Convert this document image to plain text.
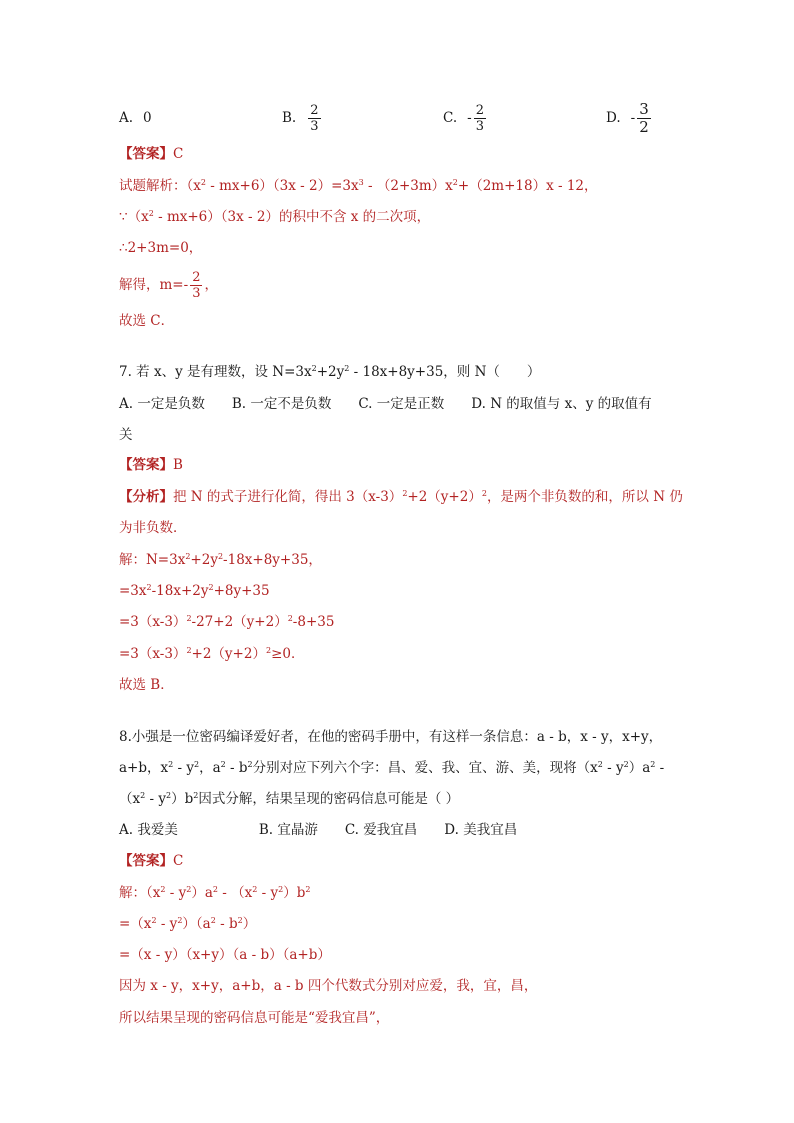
A. 0	B. $\frac{2}{3}$	C. - $\frac{2}{3}$	D. - $\frac{3}{2}$
【答案】C
试题解析：$(x^2 - mx+6)(3x - 2)=3x^3 - (2+3m)x^2+(2m+18)x - 12$，
$\because(x^2 - mx+6)(3x - 2)$的积中不含 x 的二次项，
∴2+3m=0，
解得，$m= - \frac{2}{3}$ ，
故选 C．
7. 若 x、y 是有理数，设 $N=3x^2+2y^2 - 18x+8y+35$，则 N（　　）
A. 一定是负数　　B. 一定不是负数　　C. 一定是正数　　D. N 的取值与 x、y 的取值有
关
【答案】B
【分析】把 N 的式子进行化简，得出 $3(x-3)^2+2(y+2)^2$，是两个非负数的和，所以 N 仍
为非负数．
解：$N=3x^2+2y^2-18x+8y+35$，
$=3x^2-18x+2y^2+8y+35$
$=3(x-3)^2-27+2(y+2)^2-8+35$
$=3(x-3)^2+2(y+2)^2\ge 0$．
故选 B．
8.小强是一位密码编译爱好者，在他的密码手册中，有这样一条信息：a - b，x - y，x+y，
a+b，$x^2 - y^2$，$a^2 - b^2$分别对应下列六个字：昌、爱、我、宜、游、美，现将$(x^2 - y^2)a^2$ -
$(x^2 - y^2)b^2$因式分解，结果呈现的密码信息可能是（ ）
A. 我爱美　　　　　　B. 宜晶游　　C. 爱我宜昌　　D. 美我宜昌
【答案】C
解：$(x^2 - y^2)a^2 - (x^2 - y^2)b^2$
$=(x^2 - y^2)(a^2 - b^2)$
=（x - y）（x+y）（a - b）（a+b）
因为 x - y，x+y，a+b，a - b 四个代数式分别对应爱，我，宜，昌，
所以结果呈现的密码信息可能是“爱我宜昌”，
